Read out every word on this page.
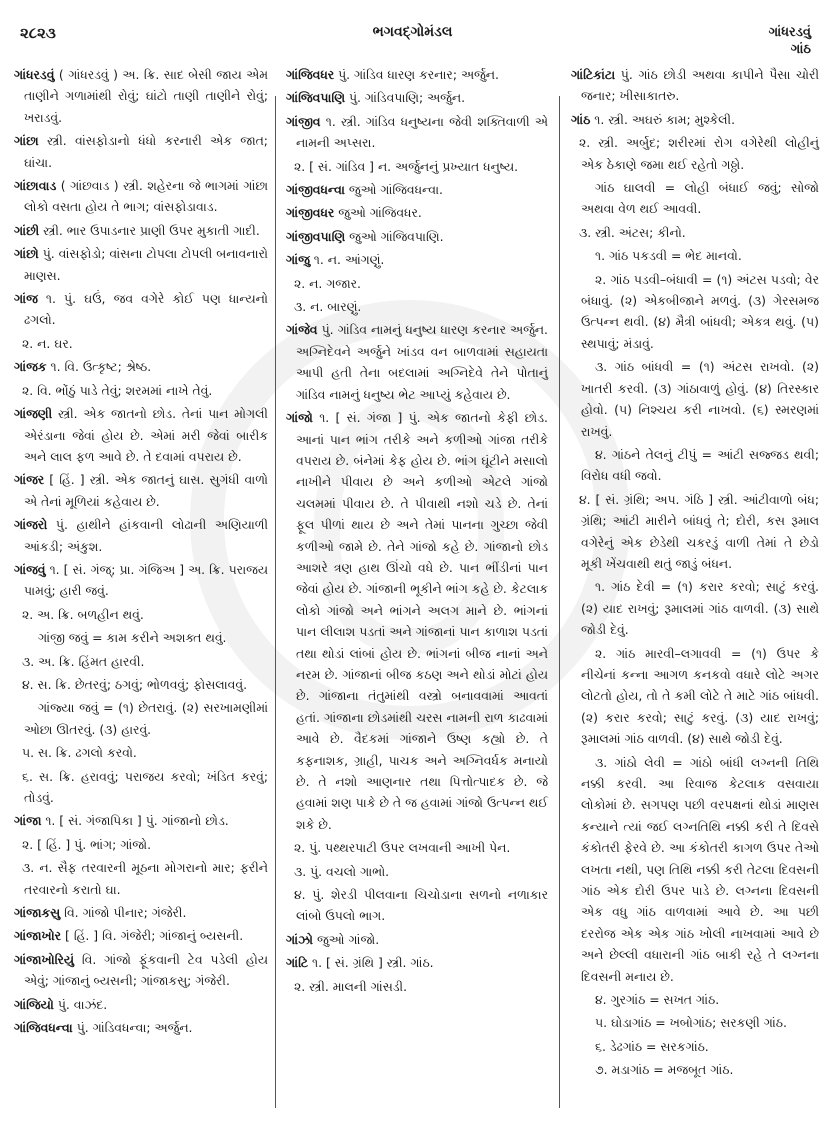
૨૮૨૩	ભગવદ્ગોમંડલ	ગાંધરડવું
ગાંઠ

ગાંધરડવું ( ગાંધરડવું ) અ. ક્રિ. સાદ બેસી જાય એમ તાણીને ગળામાંથી રોવું; ઘાંટો તાણી તાણીને રોવું; ખરાડવું.

ગાંછા સ્ત્રી. વાંસફોડાનો ધંધો કરનારી એક જાત; ઘાંચા.

ગાંછાવાડ ( ગાંછવાડ ) સ્ત્રી. શહેરના જે ભાગમાં ગાંછા લોકો વસતા હોય તે ભાગ; વાંસફોડાવાડ.

ગાંછી સ્ત્રી. ભાર ઉપાડનાર પ્રાણી ઉપર મુકાતી ગાદી.

ગાંછો પું. વાંસફોડો; વાંસના ટોપલા ટોપલી બનાવનારો માણસ.

ગાંજ ૧. પું. ઘઉં, જવ વગેરે કોઈ પણ ધાન્યનો ઢગલો.

૨. ન. ઘર.

ગાંજક ૧. વિ. ઉત્કૃષ્ટ; શ્રેષ્ઠ.

૨. વિ. ભોંઠું પાડે તેવું; શરમમાં નાખે તેવું.

ગાંજણી સ્ત્રી. એક જાતનો છોડ. તેનાં પાન મોગલી એરંડાના જેવાં હોય છે. એમાં મરી જેવાં બારીક અને લાલ ફળ આવે છે. તે દવામાં વપરાય છે.

ગાંજર [ હિં. ] સ્ત્રી. એક જાતનું ઘાસ. સુગંધી વાળો એ તેનાં મૂળિયાં કહેવાય છે.

ગાંજરો પું. હાથીને હાંકવાની લોઢાની અણિયાળી આંકડી; અંકુશ.

ગાંજવું ૧. [ સં. ગંજ્; પ્રા. ગંજિઅ ] અ. ક્રિ. પરાજય પામવું; હારી જવું.

૨. અ. ક્રિ. બળહીન થવું.

ગાંજી જવું = કામ કરીને અશક્ત થવું.

૩. અ. ક્રિ. હિંમત હારવી.

૪. સ. ક્રિ. છેતરવું; ઠગવું; ભોળવવું; ફોસલાવવું.

ગાંજ્યા જવું = (૧) છેતરાવું. (૨) સરખામણીમાં ઓછા ઊતરવું. (૩) હારવું.

૫. સ. ક્રિ. ઢગલો કરવો.

૬. સ. ક્રિ. હરાવવું; પરાજય કરવો; ખંડિત કરવું; તોડવું.

ગાંજા ૧. [ સં. ગંજાપિકા ] પું. ગાંજાનો છોડ.

૨. [ હિં. ] પું. ભાંગ; ગાંજો.

૩. ન. સૈફ તરવારની મૂઠના મોગરાનો માર; ફરીને તરવારનો કરાતો ઘા.

ગાંજાકસુ વિ. ગાંજો પીનાર; ગંજેરી.

ગાંજાખોર [ હિં. ] વિ. ગંજેરી; ગાંજાનું બ્યસની.

ગાંજાખોરિયું વિ. ગાંજો ફૂંકવાની ટેવ પડેલી હોય એવું; ગાંજાનું બ્યસની; ગાંજાકસુ; ગંજેરી.

ગાંજિયો પું. વાઝંદ.

ગાંજિવધન્વા પું. ગાંડિવધન્વા; અર્જુન.

ગાંજિવધર પું. ગાંડિવ ધારણ કરનાર; અર્જુન.

ગાંજિવપાણિ પું. ગાંડિવપાણિ; અર્જુન.

ગાંજીવ ૧. સ્ત્રી. ગાંડિવ ધનુષ્યના જેવી શક્તિવાળી એ નામની અપ્સરા.

૨. [ સં. ગાંડિવ ] ન. અર્જુનનું પ્રખ્યાત ધનુષ્ય.

ગાંજીવધન્વા જુઓ ગાંજિવધન્વા.

ગાંજીવધર જુઓ ગાંજિવધર.

ગાંજીવપાણિ જુઓ ગાંજિવપાણિ.

ગાંજુ ૧. ન. આંગણું.

૨. ન. ગજાર.

૩. ન. બારણું.

ગાંજેવ પું. ગાંડિવ નામનું ધનુષ્ય ધારણ કરનાર અર્જુન. અગ્નિદેવને અર્જુને ખાંડવ વન બાળવામાં સહાયતા આપી હતી તેના બદલામાં અગ્નિદેવે તેને પોતાનું ગાંડિવ નામનું ધનુષ્ય ભેટ આપ્યું કહેવાય છે.

ગાંજો ૧. [ સં. ગંજા ] પું. એક જાતનો કેફી છોડ. આનાં પાન ભાંગ તરીકે અને કળીઓ ગાંજા તરીકે વપરાય છે. બંનેમાં કેફ હોય છે. ભાંગ ઘૂંટીને મસાલો નાખીને પીવાય છે અને કળીઓ એટલે ગાંજો ચલમમાં પીવાય છે. તે પીવાથી નશો ચડે છે. તેનાં ફૂલ પીળાં થાય છે અને તેમાં પાનના ગુચ્છા જેવી કળીઓ જામે છે. તેને ગાંજો કહે છે. ગાંજાનો છોડ આશરે ત્રણ હાથ ઊંચો વધે છે. પાન ભીંડીનાં પાન જેવાં હોય છે. ગાંજાની ભૂકીને ભાંગ કહે છે. કેટલાક લોકો ગાંજો અને ભાંગને અલગ માને છે. ભાંગનાં પાન લીલાશ પડતાં અને ગાંજાનાં પાન કાળાશ પડતાં તથા થોડાં લાંબાં હોય છે. ભાંગનાં બીજ નાનાં અને નરમ છે. ગાંજાનાં બીજ કઠણ અને થોડાં મોટાં હોય છે. ગાંજાના તંતુમાંથી વસ્ત્રો બનાવવામાં આવતાં હતાં. ગાંજાના છોડમાંથી ચરસ નામની રાળ કાઢવામાં આવે છે. વૈદકમાં ગાંજાને ઉષ્ણ કહ્યો છે. તે કફનાશક, ગ્રાહી, પાચક અને અગ્નિવર્ધક મનાયો છે. તે નશો આણનાર તથા પિત્તોત્પાદક છે. જે હવામાં શણ પાકે છે તે જ હવામાં ગાંજો ઉત્પન્ન થઈ શકે છે.

૨. પું. પથ્થરપાટી ઉપર લખવાની આખી પેન.

૩. પું. વચલો ગાભો.

૪. પું. શેરડી પીલવાના ચિચોડાના સળનો નળાકાર લાંબો ઉપલો ભાગ.

ગાંઝો જુઓ ગાંજો.

ગાંટિ ૧. [ સં. ગ્રંથિ ] સ્ત્રી. ગાંઠ.

૨. સ્ત્રી. માલની ગાંસડી.

ગાંટિકાંટા પું. ગાંઠ છોડી અથવા કાપીને પૈસા ચોરી જનાર; ખીસાકાતરુ.

ગાંઠ ૧. સ્ત્રી. અઘરું કામ; મુશ્કેલી.

૨. સ્ત્રી. અર્બુદ; શરીરમાં રોગ વગેરેથી લોહીનું એક ઠેકાણે જમા થઈ રહેતો ગઠ્ઠો.

ગાંઠ ઘાલવી = લોહી બંધાઈ જવું; સોજો અથવા વેળ થઈ આવવી.

૩. સ્ત્રી. અંટસ; કીનો.

૧. ગાંઠ પકડવી = ભેદ માનવો.

૨. ગાંઠ પડવી–બંધાવી = (૧) અંટસ પડવો; વેર બંધાવું. (૨) એકબીજાને મળવું. (૩) ગેરસમજ ઉત્પન્ન થવી. (૪) મૈત્રી બાંધવી; એકત્ર થવું. (૫) સ્થપાવું; મંડાવું.

૩. ગાંઠ બાંધવી = (૧) અંટસ રાખવો. (૨) ખાતરી કરવી. (૩) ગાંઠાવાળું હોવું. (૪) તિરસ્કાર હોવો. (૫) નિશ્ચય કરી નાખવો. (૬) સ્મરણમાં રાખવું.

૪. ગાંઠને તેલનું ટીપું = આંટી સજ્જડ થવી; વિરોધ વધી જવો.

૪. [ સં. ગ્રંથિ; અપ. ગંઠિ ] સ્ત્રી. આંટીવાળો બંધ; ગ્રંથિ; આંટી મારીને બાંધવું તે; દોરી, કસ રૂમાલ વગેરેનું એક છેડેથી ચકરડું વાળી તેમાં તે છેડો મૂકી ખેંચવાથી થતું જાડું બંધન.

૧. ગાંઠ દેવી = (૧) કરાર કરવો; સાટું કરવું. (૨) યાદ રાખવું; રૂમાલમાં ગાંઠ વાળવી. (૩) સાથે જોડી દેવું.

૨. ગાંઠ મારવી–લગાવવી = (૧) ઉપર કે નીચેનાં કન્ના આગળ કનકવો વધારે લોટે અગર લોટતો હોય, તો તે કમી લોટે તે માટે ગાંઠ બાંધવી. (૨) કરાર કરવો; સાટું કરવું. (૩) યાદ રાખવું; રૂમાલમાં ગાંઠ વાળવી. (૪) સાથે જોડી દેવું.

૩. ગાંઠો લેવી = ગાંઠો બાંધી લગ્નની તિથિ નક્કી કરવી. આ રિવાજ કેટલાક વસવાયા લોકોમાં છે. સગપણ પછી વરપક્ષનાં થોડાં માણસ કન્યાને ત્યાં જઈ લગ્નતિથિ નક્કી કરી તે દિવસે કંકોતરી ફેરવે છે. આ કંકોતરી કાગળ ઉપર તેઓ લખતા નથી, પણ તિથિ નક્કી કરી તેટલા દિવસની ગાંઠ એક દોરી ઉપર પાડે છે. લગ્નના દિવસની એક વધુ ગાંઠ વાળવામાં આવે છે. આ પછી દરરોજ એક એક ગાંઠ ખોલી નાખવામાં આવે છે અને છેલ્લી વધારાની ગાંઠ બાકી રહે તે લગ્નના દિવસની મનાય છે.

૪. ગુરગાંઠ = સખત ગાંઠ.

૫. ઘોડાગાંઠ = ખબોગાંઠ; સરકણી ગાંઠ.

૬. ડેઢગાંઠ = સરકગાંઠ.

૭. મડાગાંઠ = મજબૂત ગાંઠ.
